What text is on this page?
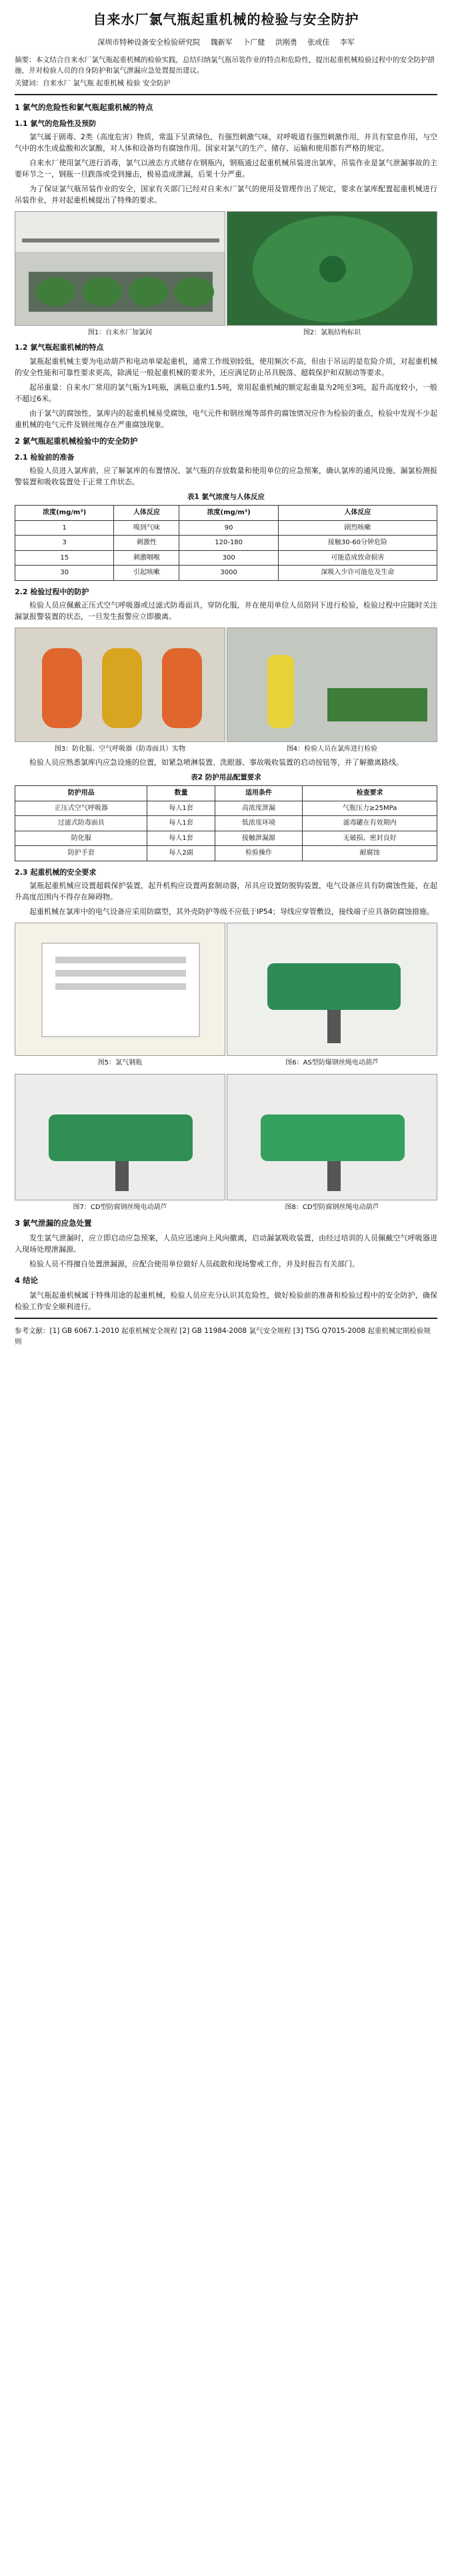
自来水厂氯气瓶起重机械的检验与安全防护
深圳市特种设备安全检验研究院 魏新军 卜广健 洪刚勇 张成佳 李军
摘要：本文结合自来水厂氯气瓶起重机械的检验实践，总结归纳氯气瓶吊装作业的特点和危险性，提出起重机械检验过程中的安全防护措施，并对检验人员的自身防护和氯气泄漏应急处置提出建议。
关键词：自来水厂 氯气瓶 起重机械 检验 安全防护
1 氯气的危险性和氯气瓶起重机械的特点
1.1 氯气的危险性及预防

氯气属于剧毒、2类（高度危害）物质，常温下呈黄绿色，有强烈刺激气味，对呼吸道有强烈刺激作用，并具有窒息作用，与空气中的水生成盐酸和次氯酸，对人体和设备均有腐蚀作用。国家对氯气的生产、储存、运输和使用都有严格的规定。

自来水厂使用氯气进行消毒，氯气以液态方式储存在钢瓶内，钢瓶通过起重机械吊装进出氯库，吊装作业是氯气泄漏事故的主要环节之一，钢瓶一旦跌落或受到撞击，极易造成泄漏，后果十分严重。

为了保证氯气瓶吊装作业的安全，国家有关部门已经对自来水厂氯气的使用及管理作出了规定，要求在氯库配置起重机械进行吊装作业，并对起重机械提出了特殊的要求。

图1：自来水厂加氯间	图2：氯瓶结构标识
1.2 氯气瓶起重机械的特点

氯瓶起重机械主要为电动葫芦和电动单梁起重机，通常工作级别较低，使用频次不高，但由于吊运的是危险介质，对起重机械的安全性能和可靠性要求更高，除满足一般起重机械的要求外，还应满足防止吊具脱落、超载保护和双制动等要求。

起吊重量：自来水厂常用的氯气瓶为1吨瓶，满瓶总重约1.5吨，常用起重机械的额定起重量为2吨至3吨，起升高度较小，一般不超过6米。

由于氯气的腐蚀性，氯库内的起重机械易受腐蚀，电气元件和钢丝绳等部件的腐蚀情况应作为检验的重点，检验中发现不少起重机械的电气元件及钢丝绳存在严重腐蚀现象。

2 氯气瓶起重机械检验中的安全防护
2.1 检验前的准备

检验人员进入氯库前，应了解氯库的布置情况、氯气瓶的存放数量和使用单位的应急预案，确认氯库的通风设施、漏氯检测报警装置和吸收装置处于正常工作状态。

表1 氯气浓度与人体反应
浓度(mg/m³)	人体反应	浓度(mg/m³)	人体反应
1	嗅到气味	90	剧烈咳嗽
3	刺激性	120-180	接触30-60分钟危险
15	刺激咽喉	300	可能造成致命损害
30	引起咳嗽	3000	深吸入少许可能危及生命
2.2 检验过程中的防护

检验人员应佩戴正压式空气呼吸器或过滤式防毒面具，穿防化服，并在使用单位人员陪同下进行检验，检验过程中应随时关注漏氯报警装置的状态，一旦发生报警应立即撤离。

图3：防化服、空气呼吸器（防毒面具）实物	图4：检验人员在氯库进行检验

检验人员应熟悉氯库内应急设施的位置，如紧急喷淋装置、洗眼器、事故吸收装置的启动按钮等，并了解撤离路线。

表2 防护用品配置要求
防护用品	数量	适用条件	检查要求
正压式空气呼吸器	每人1套	高浓度泄漏	气瓶压力≥25MPa
过滤式防毒面具	每人1套	低浓度环境	滤毒罐在有效期内
防化服	每人1套	接触泄漏源	无破损、密封良好
防护手套	每人2副	检验操作	耐腐蚀
2.3 起重机械的安全要求

氯瓶起重机械应设置超载保护装置，起升机构应设置两套制动器，吊具应设置防脱钩装置，电气设备应具有防腐蚀性能，在起升高度范围内不得存在障碍物。

起重机械在氯库中的电气设备应采用防腐型，其外壳防护等级不应低于IP54；导线应穿管敷设，接线端子应具备防腐蚀措施。

图5：氯气钢瓶	图6：AS型防爆钢丝绳电动葫芦
图7：CD型防腐钢丝绳电动葫芦	图8：CD型防腐钢丝绳电动葫芦
3 氯气泄漏的应急处置

发生氯气泄漏时，应立即启动应急预案，人员应迅速向上风向撤离，启动漏氯吸收装置，由经过培训的人员佩戴空气呼吸器进入现场处理泄漏源。

检验人员不得擅自处置泄漏源，应配合使用单位做好人员疏散和现场警戒工作，并及时报告有关部门。

4 结论

氯气瓶起重机械属于特殊用途的起重机械，检验人员应充分认识其危险性，做好检验前的准备和检验过程中的安全防护，确保检验工作安全顺利进行。

参考文献：[1] GB 6067.1-2010 起重机械安全规程 [2] GB 11984-2008 氯气安全规程 [3] TSG Q7015-2008 起重机械定期检验规则
